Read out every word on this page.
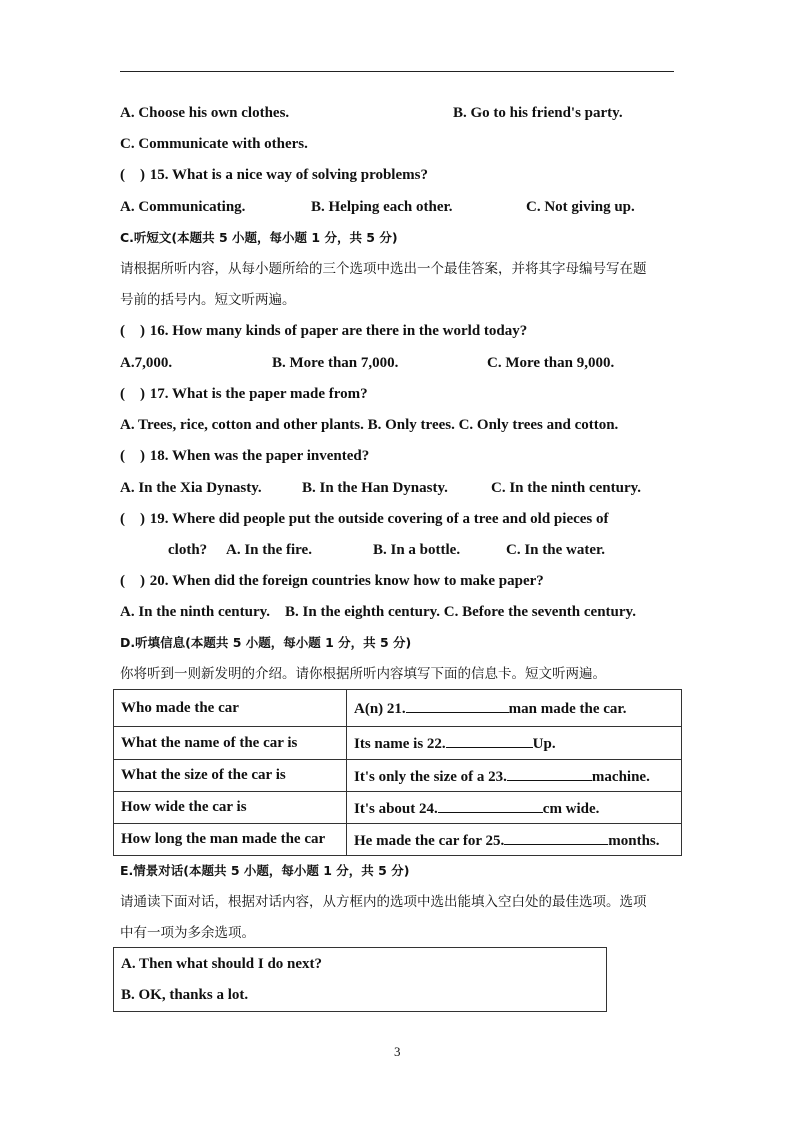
A. Choose his own clothes.	B. Go to his friend's party.
C. Communicate with others.
(    ) 15. What is a nice way of solving problems?
A. Communicating.	B. Helping each other.	C. Not giving up.
C.听短文(本题共 5 小题，每小题 1 分，共 5 分)
请根据所听内容，从每小题所给的三个选项中选出一个最佳答案，并将其字母编号写在题
号前的括号内。短文听两遍。
(    ) 16. How many kinds of paper are there in the world today?
A.7,000.	B. More than 7,000.	C. More than 9,000.
(    ) 17. What is the paper made from?
A. Trees, rice, cotton and other plants. B. Only trees. C. Only trees and cotton.
(    ) 18. When was the paper invented?
A. In the Xia Dynasty.	B. In the Han Dynasty.	C. In the ninth century.
(    ) 19. Where did people put the outside covering of a tree and old pieces of
cloth? A. In the fire.	B. In a bottle.	C. In the water.
(    ) 20. When did the foreign countries know how to make paper?
A. In the ninth century.    B. In the eighth century. C. Before the seventh century.
D.听填信息(本题共 5 小题，每小题 1 分，共 5 分)
你将听到一则新发明的介绍。请你根据所听内容填写下面的信息卡。短文听两遍。
Who made the car	A(n) 21. man made the car.
What the name of the car is	Its name is 22. Up.
What the size of the car is	It's only the size of a 23. machine.
How wide the car is	It's about 24. cm wide.
How long the man made the car	He made the car for 25. months.
E.情景对话(本题共 5 小题，每小题 1 分，共 5 分)
请通读下面对话，根据对话内容，从方框内的选项中选出能填入空白处的最佳选项。选项
中有一项为多余选项。
A. Then what should I do next?
B. OK, thanks a lot.
3
